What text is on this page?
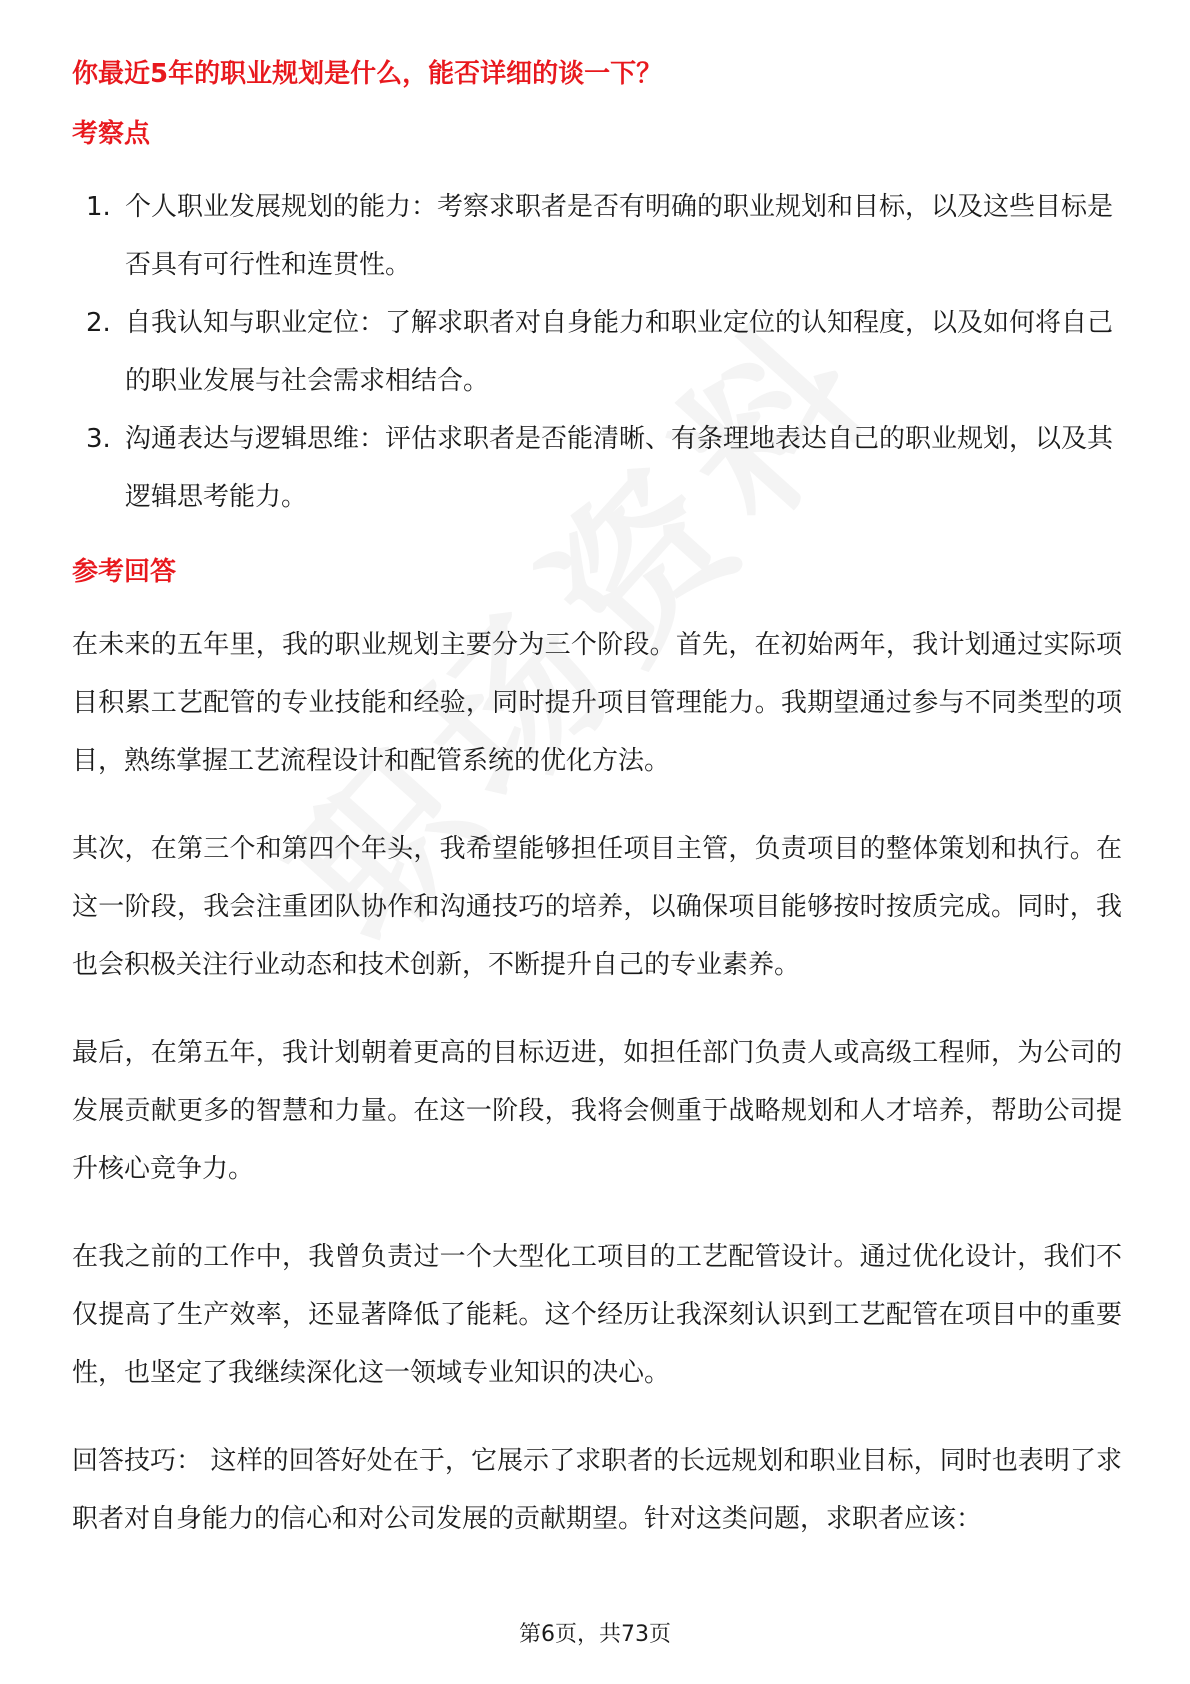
你最近5年的职业规划是什么，能否详细的谈一下？
考察点
1. 个人职业发展规划的能力：考察求职者是否有明确的职业规划和目标，以及这些目标是否具有可行性和连贯性。
2. 自我认知与职业定位：了解求职者对自身能力和职业定位的认知程度，以及如何将自己的职业发展与社会需求相结合。
3. 沟通表达与逻辑思维：评估求职者是否能清晰、有条理地表达自己的职业规划，以及其逻辑思考能力。
参考回答

在未来的五年里，我的职业规划主要分为三个阶段。首先，在初始两年，我计划通过实际项目积累工艺配管的专业技能和经验，同时提升项目管理能力。我期望通过参与不同类型的项目，熟练掌握工艺流程设计和配管系统的优化方法。

其次，在第三个和第四个年头，我希望能够担任项目主管，负责项目的整体策划和执行。在这一阶段，我会注重团队协作和沟通技巧的培养，以确保项目能够按时按质完成。同时，我也会积极关注行业动态和技术创新，不断提升自己的专业素养。

最后，在第五年，我计划朝着更高的目标迈进，如担任部门负责人或高级工程师，为公司的发展贡献更多的智慧和力量。在这一阶段，我将会侧重于战略规划和人才培养，帮助公司提升核心竞争力。

在我之前的工作中，我曾负责过一个大型化工项目的工艺配管设计。通过优化设计，我们不仅提高了生产效率，还显著降低了能耗。这个经历让我深刻认识到工艺配管在项目中的重要性，也坚定了我继续深化这一领域专业知识的决心。

回答技巧： 这样的回答好处在于，它展示了求职者的长远规划和职业目标，同时也表明了求职者对自身能力的信心和对公司发展的贡献期望。针对这类问题，求职者应该：

第6页，共73页
